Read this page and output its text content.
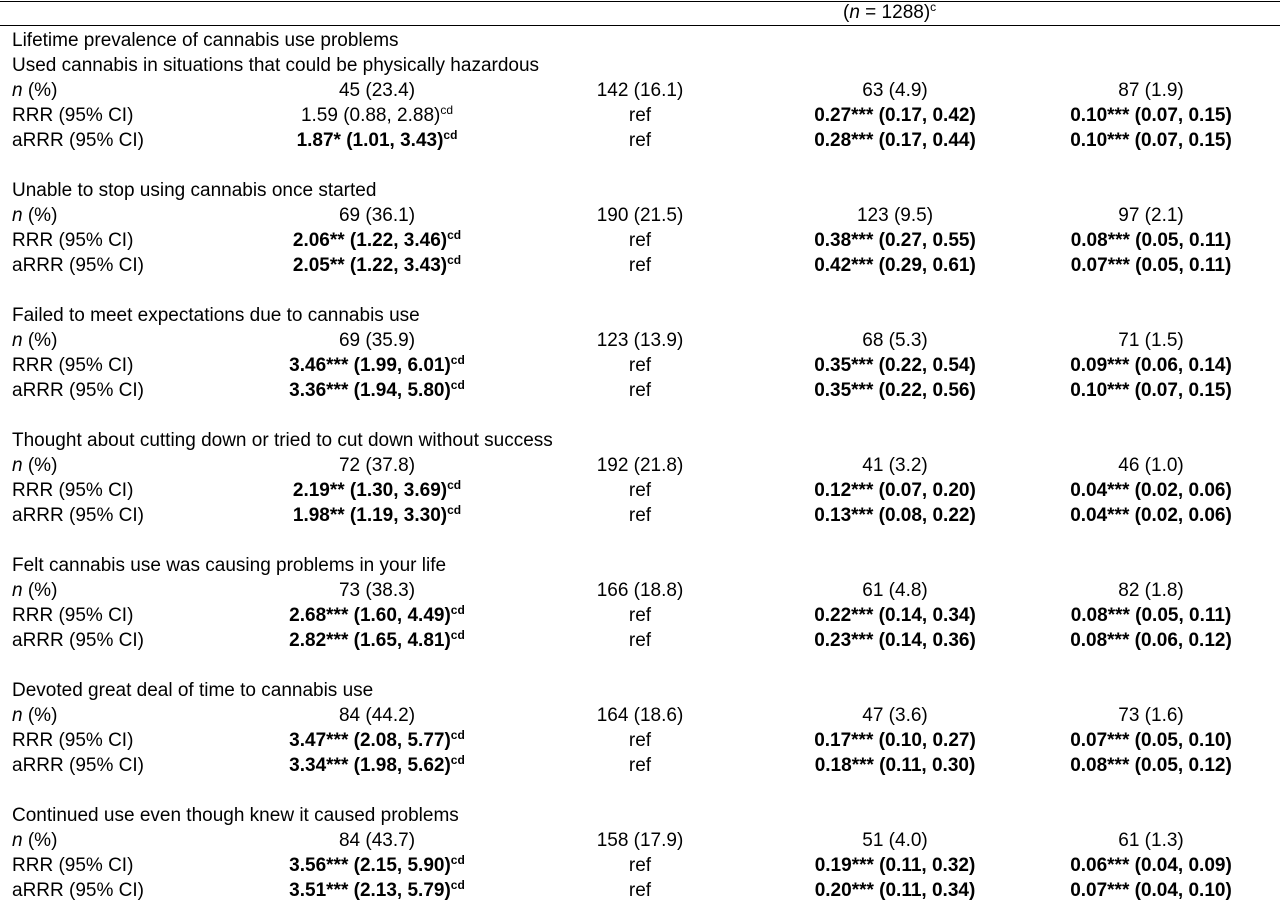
(n = 1288)$^c$
Lifetime prevalence of cannabis use problems
Used cannabis in situations that could be physically hazardous
n (%)	45 (23.4)	142 (16.1)	63 (4.9)	87 (1.9)
RRR (95% CI)	1.59 (0.88, 2.88)$^{cd}$	ref	0.27*** (0.17, 0.42)	0.10*** (0.07, 0.15)
aRRR (95% CI)	1.87* (1.01, 3.43)$^{cd}$	ref	0.28*** (0.17, 0.44)	0.10*** (0.07, 0.15)
Unable to stop using cannabis once started
n (%)	69 (36.1)	190 (21.5)	123 (9.5)	97 (2.1)
RRR (95% CI)	2.06** (1.22, 3.46)$^{cd}$	ref	0.38*** (0.27, 0.55)	0.08*** (0.05, 0.11)
aRRR (95% CI)	2.05** (1.22, 3.43)$^{cd}$	ref	0.42*** (0.29, 0.61)	0.07*** (0.05, 0.11)
Failed to meet expectations due to cannabis use
n (%)	69 (35.9)	123 (13.9)	68 (5.3)	71 (1.5)
RRR (95% CI)	3.46*** (1.99, 6.01)$^{cd}$	ref	0.35*** (0.22, 0.54)	0.09*** (0.06, 0.14)
aRRR (95% CI)	3.36*** (1.94, 5.80)$^{cd}$	ref	0.35*** (0.22, 0.56)	0.10*** (0.07, 0.15)
Thought about cutting down or tried to cut down without success
n (%)	72 (37.8)	192 (21.8)	41 (3.2)	46 (1.0)
RRR (95% CI)	2.19** (1.30, 3.69)$^{cd}$	ref	0.12*** (0.07, 0.20)	0.04*** (0.02, 0.06)
aRRR (95% CI)	1.98** (1.19, 3.30)$^{cd}$	ref	0.13*** (0.08, 0.22)	0.04*** (0.02, 0.06)
Felt cannabis use was causing problems in your life
n (%)	73 (38.3)	166 (18.8)	61 (4.8)	82 (1.8)
RRR (95% CI)	2.68*** (1.60, 4.49)$^{cd}$	ref	0.22*** (0.14, 0.34)	0.08*** (0.05, 0.11)
aRRR (95% CI)	2.82*** (1.65, 4.81)$^{cd}$	ref	0.23*** (0.14, 0.36)	0.08*** (0.06, 0.12)
Devoted great deal of time to cannabis use
n (%)	84 (44.2)	164 (18.6)	47 (3.6)	73 (1.6)
RRR (95% CI)	3.47*** (2.08, 5.77)$^{cd}$	ref	0.17*** (0.10, 0.27)	0.07*** (0.05, 0.10)
aRRR (95% CI)	3.34*** (1.98, 5.62)$^{cd}$	ref	0.18*** (0.11, 0.30)	0.08*** (0.05, 0.12)
Continued use even though knew it caused problems
n (%)	84 (43.7)	158 (17.9)	51 (4.0)	61 (1.3)
RRR (95% CI)	3.56*** (2.15, 5.90)$^{cd}$	ref	0.19*** (0.11, 0.32)	0.06*** (0.04, 0.09)
aRRR (95% CI)	3.51*** (2.13, 5.79)$^{cd}$	ref	0.20*** (0.11, 0.34)	0.07*** (0.04, 0.10)
